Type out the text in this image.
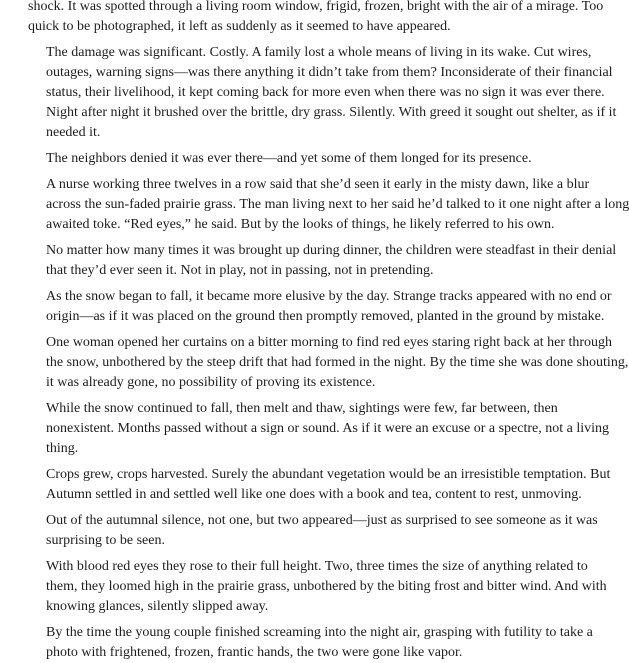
shock. It was spotted through a living room window, frigid, frozen, bright with the air of a mirage. Too
quick to be photographed, it left as suddenly as it seemed to have appeared.

The damage was significant. Costly. A family lost a whole means of living in its wake. Cut wires,
outages, warning signs—was there anything it didn’t take from them? Inconsiderate of their financial
status, their livelihood, it kept coming back for more even when there was no sign it was ever there.
Night after night it brushed over the brittle, dry grass. Silently. With greed it sought out shelter, as if it
needed it.

The neighbors denied it was ever there—and yet some of them longed for its presence.

A nurse working three twelves in a row said that she’d seen it early in the misty dawn, like a blur
across the sun-faded prairie grass. The man living next to her said he’d talked to it one night after a long
awaited toke. “Red eyes,” he said. But by the looks of things, he likely referred to his own.

No matter how many times it was brought up during dinner, the children were steadfast in their denial
that they’d ever seen it. Not in play, not in passing, not in pretending.

As the snow began to fall, it became more elusive by the day. Strange tracks appeared with no end or
origin—as if it was placed on the ground then promptly removed, planted in the ground by mistake.

One woman opened her curtains on a bitter morning to find red eyes staring right back at her through
the snow, unbothered by the steep drift that had formed in the night. By the time she was done shouting,
it was already gone, no possibility of proving its existence.

While the snow continued to fall, then melt and thaw, sightings were few, far between, then
nonexistent. Months passed without a sign or sound. As if it were an excuse or a spectre, not a living
thing.

Crops grew, crops harvested. Surely the abundant vegetation would be an irresistible temptation. But
Autumn settled in and settled well like one does with a book and tea, content to rest, unmoving.

Out of the autumnal silence, not one, but two appeared—just as surprised to see someone as it was
surprising to be seen.

With blood red eyes they rose to their full height. Two, three times the size of anything related to
them, they loomed high in the prairie grass, unbothered by the biting frost and bitter wind. And with
knowing glances, silently slipped away.

By the time the young couple finished screaming into the night air, grasping with futility to take a
photo with frightened, frozen, frantic hands, the two were gone like vapor.
